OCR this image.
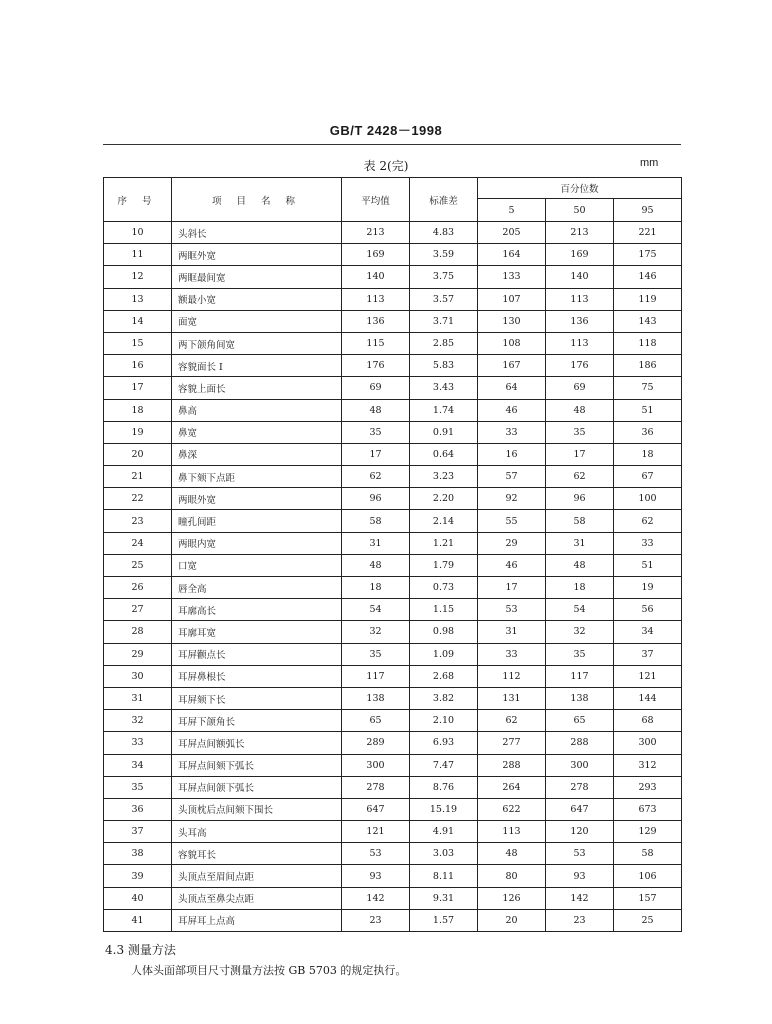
GB/T 2428－1998
表 2(完)	mm
序 号	项 目 名 称	平均值	标准差	百分位数		
				5	50	95
10	头斜长	213	4.83	205	213	221
11	两眶外宽	169	3.59	164	169	175
12	两眶最间宽	140	3.75	133	140	146
13	额最小宽	113	3.57	107	113	119
14	面宽	136	3.71	130	136	143
15	两下颌角间宽	115	2.85	108	113	118
16	容貌面长 I	176	5.83	167	176	186
17	容貌上面长	69	3.43	64	69	75
18	鼻高	48	1.74	46	48	51
19	鼻宽	35	0.91	33	35	36
20	鼻深	17	0.64	16	17	18
21	鼻下颏下点距	62	3.23	57	62	67
22	两眼外宽	96	2.20	92	96	100
23	瞳孔间距	58	2.14	55	58	62
24	两眼内宽	31	1.21	29	31	33
25	口宽	48	1.79	46	48	51
26	唇全高	18	0.73	17	18	19
27	耳廓高长	54	1.15	53	54	56
28	耳廓耳宽	32	0.98	31	32	34
29	耳屏颧点长	35	1.09	33	35	37
30	耳屏鼻根长	117	2.68	112	117	121
31	耳屏颏下长	138	3.82	131	138	144
32	耳屏下颌角长	65	2.10	62	65	68
33	耳屏点间额弧长	289	6.93	277	288	300
34	耳屏点间颏下弧长	300	7.47	288	300	312
35	耳屏点间颌下弧长	278	8.76	264	278	293
36	头顶枕后点间颏下围长	647	15.19	622	647	673
37	头耳高	121	4.91	113	120	129
38	容貌耳长	53	3.03	48	53	58
39	头顶点至眉间点距	93	8.11	80	93	106
40	头顶点至鼻尖点距	142	9.31	126	142	157
41	耳屏耳上点高	23	1.57	20	23	25
4.3 测量方法
人体头面部项目尺寸测量方法按 GB 5703 的规定执行。
